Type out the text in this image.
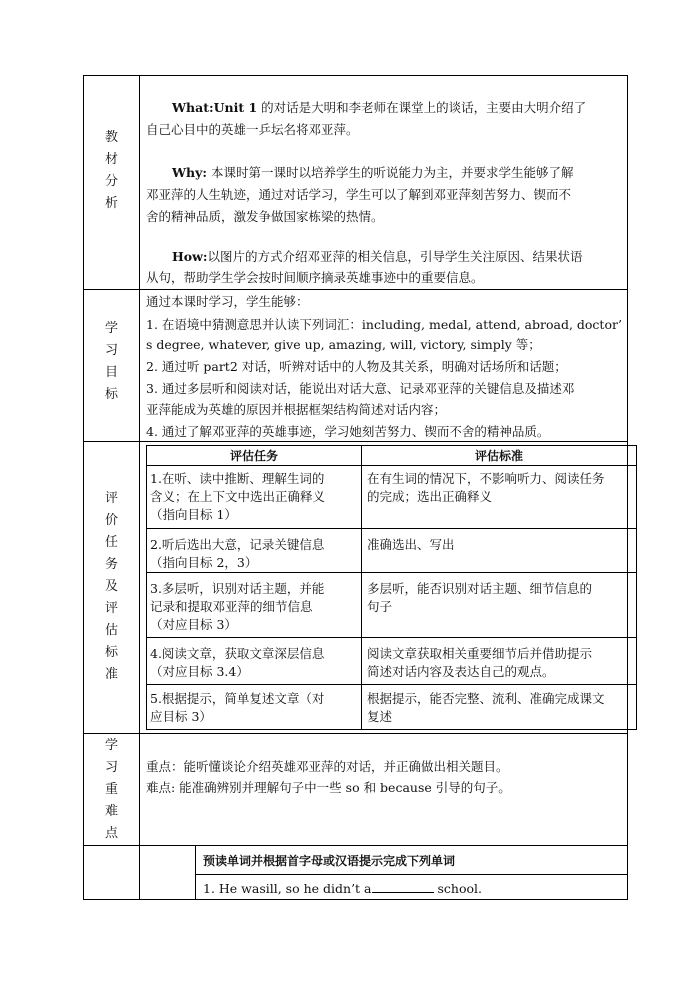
教
材
分
析
What:Unit 1 的对话是大明和李老师在课堂上的谈话，主要由大明介绍了
自己心目中的英雄一乒坛名将邓亚萍。
Why: 本课时第一课时以培养学生的听说能力为主，并要求学生能够了解
邓亚萍的人生轨迹，通过对话学习，学生可以了解到邓亚萍刻苦努力、锲而不
舍的精神品质，激发争做国家栋梁的热情。
How:以图片的方式介绍邓亚萍的相关信息，引导学生关注原因、结果状语
从句，帮助学生学会按时间顺序摘录英雄事迹中的重要信息。
学
习
目
标
通过本课时学习，学生能够：
1. 在语境中猜测意思并认读下列词汇：including, medal, attend, abroad, doctor’
s degree, whatever, give up, amazing, will, victory, simply 等；
2. 通过听 part2 对话，听辨对话中的人物及其关系，明确对话场所和话题；
3. 通过多层听和阅读对话，能说出对话大意、记录邓亚萍的关键信息及描述邓
亚萍能成为英雄的原因并根据框架结构简述对话内容；
4. 通过了解邓亚萍的英雄事迹，学习她刻苦努力、锲而不舍的精神品质。
评
价
任
务
及
评
估
标
准
评估任务	评估标准
1.在听、读中推断、理解生词的
含义；在上下文中选出正确释义
（指向目标 1）
在有生词的情况下，不影响听力、阅读任务
的完成；选出正确释义
2.听后选出大意，记录关键信息
（指向目标 2，3）
准确选出、写出
3.多层听，识别对话主题，并能
记录和提取邓亚萍的细节信息
（对应目标 3）
多层听，能否识别对话主题、细节信息的
句子
4.阅读文章，获取文章深层信息
（对应目标 3.4）
阅读文章获取相关重要细节后并借助提示
简述对话内容及表达自己的观点。
5.根据提示，简单复述文章（对
应目标 3）
根据提示，能否完整、流利、准确完成课文
复述
学
习
重
难
点
重点：能听懂谈论介绍英雄邓亚萍的对话，并正确做出相关题目。
难点: 能准确辨别并理解句子中一些 so 和 because 引导的句子。
预读单词并根据首字母或汉语提示完成下列单词
1. He wasill, so he didn’t a	school.
